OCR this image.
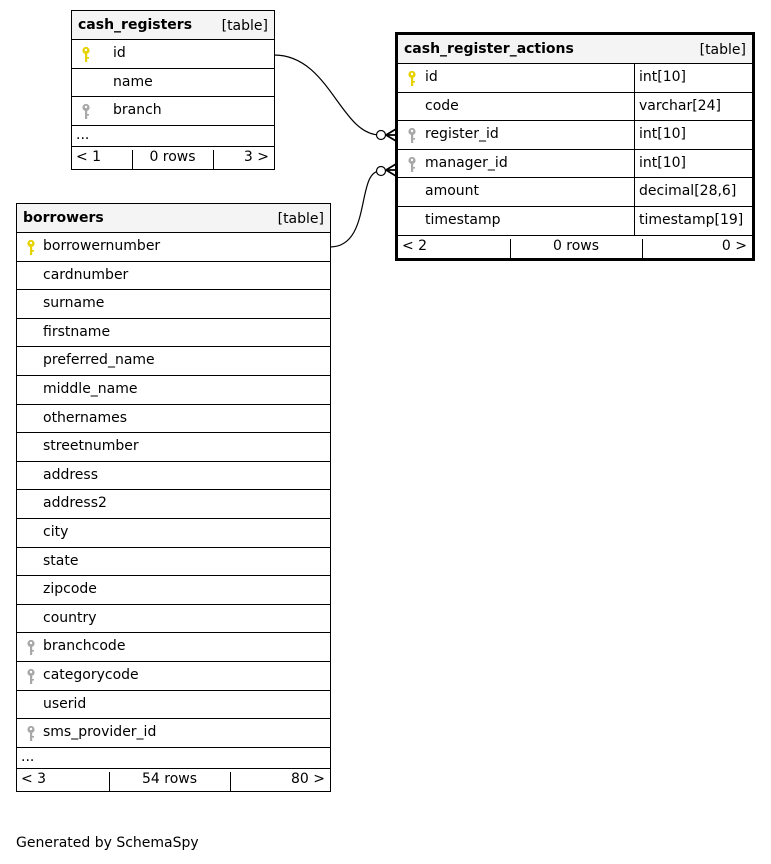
cash_registers [table]
id
name
branch
...
< 1	0 rows	3 >
cash_register_actions	[table]
id	int[10]
code	varchar[24]
register_id	int[10]
manager_id	int[10]
amount	decimal[28,6]
timestamp	timestamp[19]
< 2	0 rows	0 >
borrowers	[table]
borrowernumber
cardnumber
surname
firstname
preferred_name
middle_name
othernames
streetnumber
address
address2
city
state
zipcode
country
branchcode
categorycode
userid
sms_provider_id
...
< 3	54 rows	80 >
Generated by SchemaSpy
